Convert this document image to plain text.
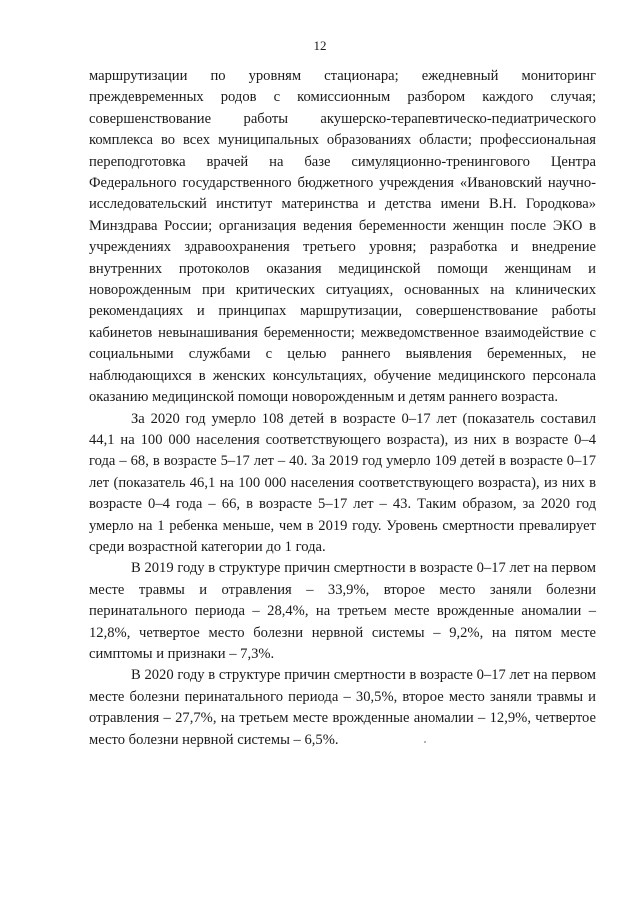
12

маршрутизации по уровням стационара; ежедневный мониторинг преждевременных родов с комиссионным разбором каждого случая; совершенствование работы акушерско-терапевтическо-педиатрического комплекса во всех муниципальных образованиях области; профессиональная переподготовка врачей на базе симуляционно-тренингового Центра Федерального государственного бюджетного учреждения «Ивановский научно-исследовательский институт материнства и детства имени В.Н. Городкова» Минздрава России; организация ведения беременности женщин после ЭКО в учреждениях здравоохранения третьего уровня; разработка и внедрение внутренних протоколов оказания медицинской помощи женщинам и новорожденным при критических ситуациях, основанных на клинических рекомендациях и принципах маршрутизации, совершенствование работы кабинетов невынашивания беременности; межведомственное взаимодействие с социальными службами с целью раннего выявления беременных, не наблюдающихся в женских консультациях, обучение медицинского персонала оказанию медицинской помощи новорожденным и детям раннего возраста.

За 2020 год умерло 108 детей в возрасте 0–17 лет (показатель составил 44,1 на 100 000 населения соответствующего возраста), из них в возрасте 0–4 года – 68, в возрасте 5–17 лет – 40. За 2019 год умерло 109 детей в возрасте 0–17 лет (показатель 46,1 на 100 000 населения соответствующего возраста), из них в возрасте 0–4 года – 66, в возрасте 5–17 лет – 43. Таким образом, за 2020 год умерло на 1 ребенка меньше, чем в 2019 году. Уровень смертности превалирует среди возрастной категории до 1 года.

В 2019 году в структуре причин смертности в возрасте 0–17 лет на первом месте травмы и отравления – 33,9%, второе место заняли болезни перинатального периода – 28,4%, на третьем месте врожденные аномалии – 12,8%, четвертое место болезни нервной системы – 9,2%, на пятом месте симптомы и признаки – 7,3%.

В 2020 году в структуре причин смертности в возрасте 0–17 лет на первом месте болезни перинатального периода – 30,5%, второе место заняли травмы и отравления – 27,7%, на третьем месте врожденные аномалии – 12,9%, четвертое место болезни нервной системы – 6,5%.
